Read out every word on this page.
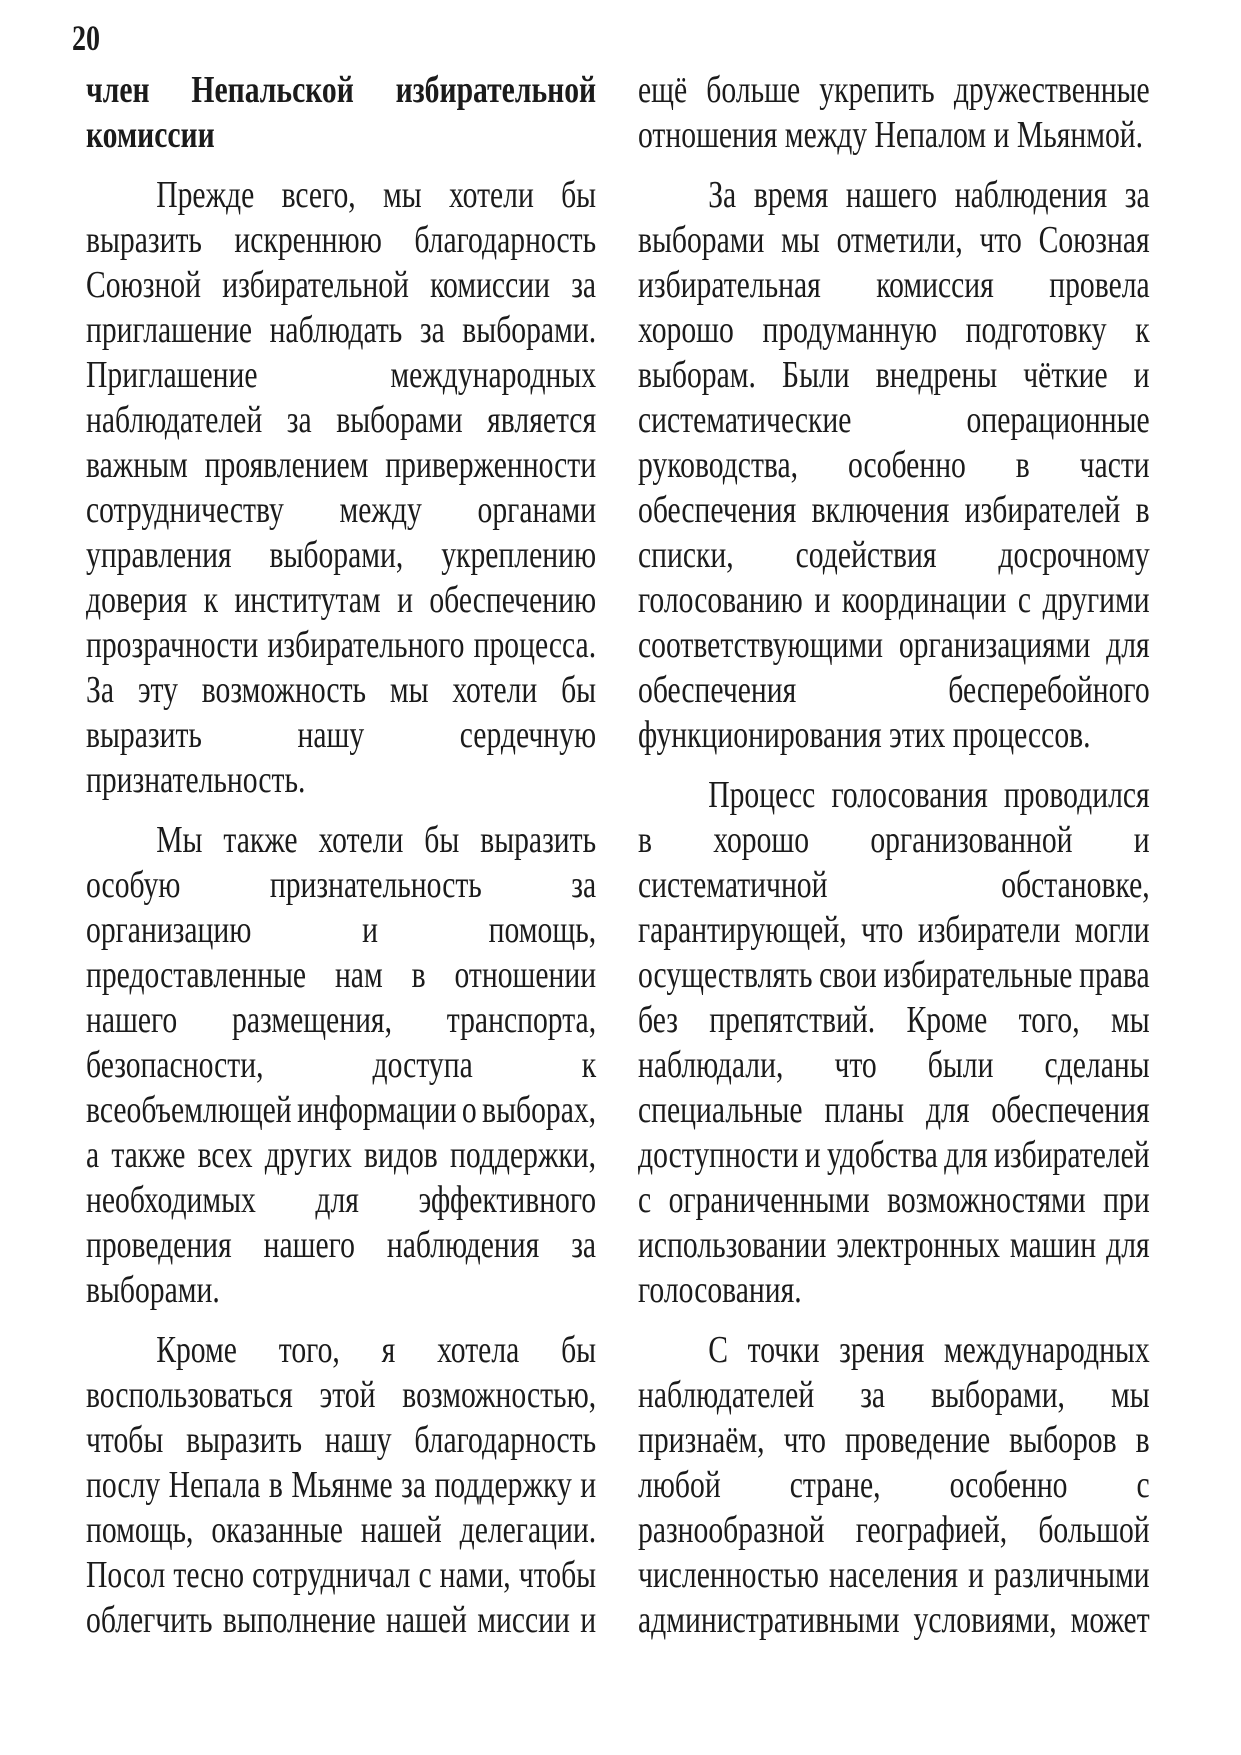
20
член Непальской избирательной
комиссии
Прежде всего, мы хотели бы
выразить искреннюю благодарность
Союзной избирательной комиссии за
приглашение наблюдать за выборами.
Приглашение	международных
наблюдателей за выборами является
важным проявлением приверженности
сотрудничеству между органами
управления выборами, укреплению
доверия к институтам и обеспечению
прозрачности избирательного процесса.
За эту возможность мы хотели бы
выразить	нашу	сердечную
признательность.
Мы также хотели бы выразить
особую признательность за
организацию	и	помощь,
предоставленные нам в отношении
нашего размещения, транспорта,
безопасности,	доступа	к
всеобъемлющей информации о выборах,
а также всех других видов поддержки,
необходимых для эффективного
проведения нашего наблюдения за
выборами.
Кроме того, я хотела бы
воспользоваться этой возможностью,
чтобы выразить нашу благодарность
послу Непала в Мьянме за поддержку и
помощь, оказанные нашей делегации.
Посол тесно сотрудничал с нами, чтобы
облегчить выполнение нашей миссии и
ещё больше укрепить дружественные
отношения между Непалом и Мьянмой.
За время нашего наблюдения за
выборами мы отметили, что Союзная
избирательная комиссия провела
хорошо продуманную подготовку к
выборам. Были внедрены чёткие и
систематические	операционные
руководства, особенно в части
обеспечения включения избирателей в
списки, содействия досрочному
голосованию и координации с другими
соответствующими организациями для
обеспечения	бесперебойного
функционирования этих процессов.
Процесс голосования проводился
в хорошо организованной и
систематичной	обстановке,
гарантирующей, что избиратели могли
осуществлять свои избирательные права
без препятствий. Кроме того, мы
наблюдали, что были сделаны
специальные планы для обеспечения
доступности и удобства для избирателей
с ограниченными возможностями при
использовании электронных машин для
голосования.
С точки зрения международных
наблюдателей за выборами, мы
признаём, что проведение выборов в
любой стране, особенно с
разнообразной географией, большой
численностью населения и различными
административными условиями, может
